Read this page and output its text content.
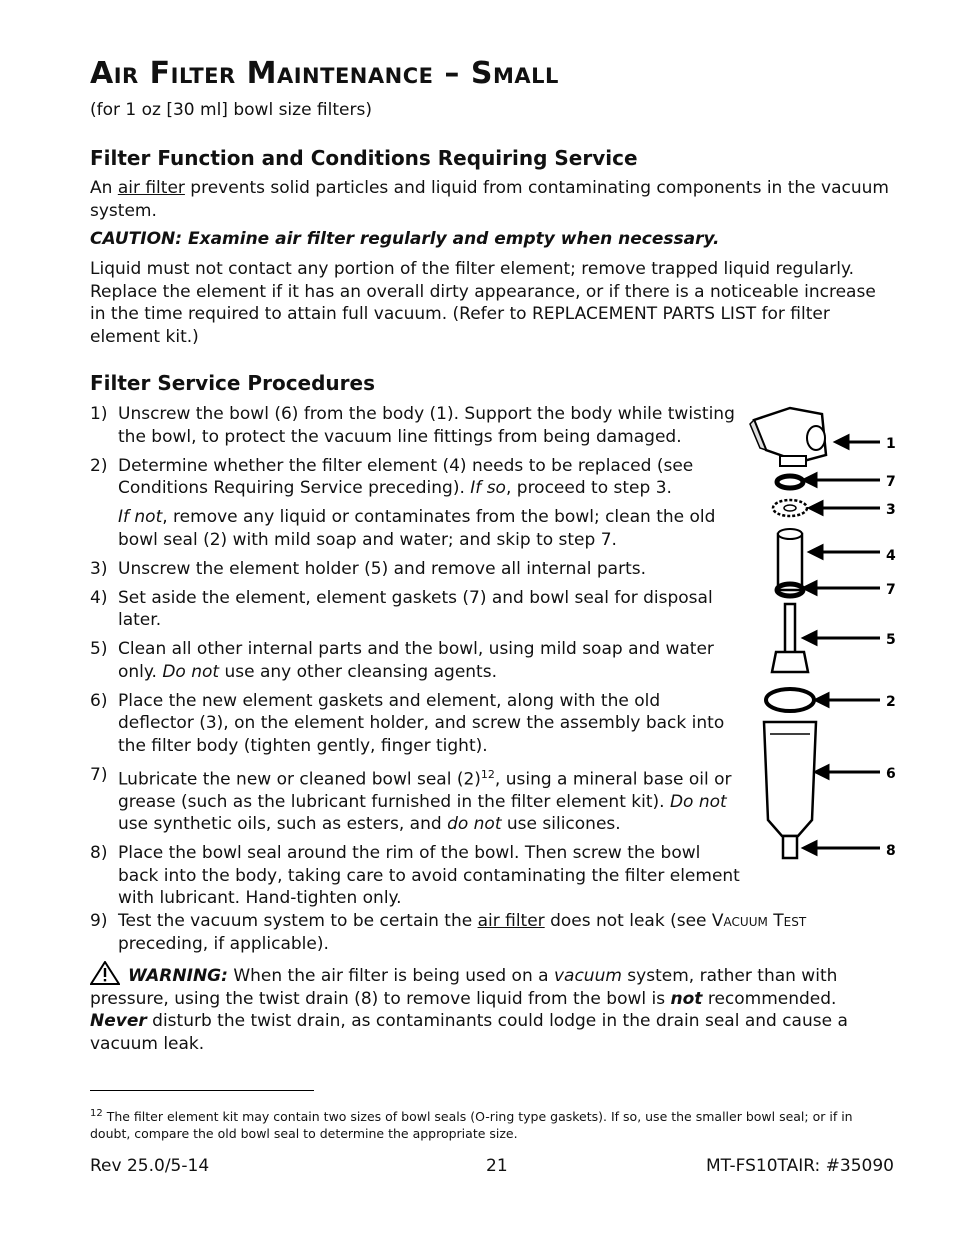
Air Filter Maintenance – Small
(for 1 oz [30 ml] bowl size filters)
Filter Function and Conditions Requiring Service
An air filter prevents solid particles and liquid from contaminating components in the vacuum system.
CAUTION: Examine air filter regularly and empty when necessary.
Liquid must not contact any portion of the filter element; remove trapped liquid regularly. Replace the element if it has an overall dirty appearance, or if there is a noticeable increase in the time required to attain full vacuum. (Refer to REPLACEMENT PARTS LIST for filter element kit.)
Filter Service Procedures
1) Unscrew the bowl (6) from the body (1). Support the body while twisting the bowl, to protect the vacuum line fittings from being damaged.
2) Determine whether the filter element (4) needs to be replaced (see Conditions Requiring Service preceding). If so, proceed to step 3.
If not, remove any liquid or contaminates from the bowl; clean the old bowl seal (2) with mild soap and water; and skip to step 7.
3) Unscrew the element holder (5) and remove all internal parts.
4) Set aside the element, element gaskets (7) and bowl seal for disposal later.
5) Clean all other internal parts and the bowl, using mild soap and water only. Do not use any other cleansing agents.
6) Place the new element gaskets and element, along with the old deflector (3), on the element holder, and screw the assembly back into the filter body (tighten gently, finger tight).
7) Lubricate the new or cleaned bowl seal $(2)^{12}$, using a mineral base oil or grease (such as the lubricant furnished in the filter element kit). Do not use synthetic oils, such as esters, and do not use silicones.
8) Place the bowl seal around the rim of the bowl. Then screw the bowl back into the body, taking care to avoid contaminating the filter element with lubricant. Hand-tighten only.
9) Test the vacuum system to be certain the air filter does not leak (see Vacuum Test preceding, if applicable).
WARNING: When the air filter is being used on a vacuum system, rather than with pressure, using the twist drain (8) to remove liquid from the bowl is not recommended. Never disturb the twist drain, as contaminants could lodge in the drain seal and cause a vacuum leak.
1
7
3
4
7
5
2
6
8
$^{12}$ The filter element kit may contain two sizes of bowl seals (O-ring type gaskets). If so, use the smaller bowl seal; or if in doubt, compare the old bowl seal to determine the appropriate size.
Rev 25.0/5-14	21	MT-FS10TAIR: #35090
